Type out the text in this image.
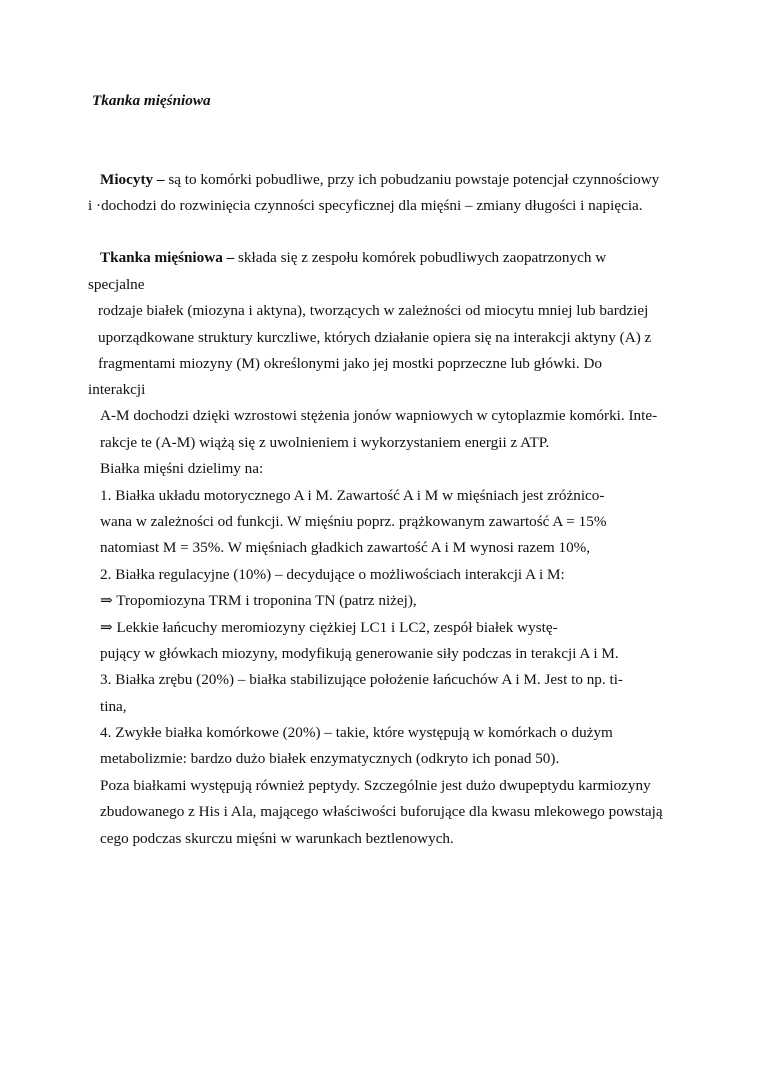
Tkanka mięśniowa
Miocyty – są to komórki pobudliwe, przy ich pobudzaniu powstaje potencjał czynnościowy
i ·dochodzi do rozwinięcia czynności specyficznej dla mięśni – zmiany długości i napięcia.
Tkanka mięśniowa – składa się z zespołu komórek pobudliwych zaopatrzonych w
specjalne
rodzaje białek (miozyna i aktyna), tworzących w zależności od miocytu mniej lub bardziej
uporządkowane struktury kurczliwe, których działanie opiera się na interakcji aktyny (A) z
fragmentami miozyny (M) określonymi jako jej mostki poprzeczne lub główki. Do
interakcji
A-M dochodzi dzięki wzrostowi stężenia jonów wapniowych w cytoplazmie komórki. Inte-
rakcje te (A-M) wiążą się z uwolnieniem i wykorzystaniem energii z ATP.
Białka mięśni dzielimy na:
1. Białka układu motorycznego A i M. Zawartość A i M w mięśniach jest zróżnico-
wana w zależności od funkcji. W mięśniu poprz. prążkowanym zawartość A = 15%
natomiast M = 35%. W mięśniach gładkich zawartość A i M wynosi razem 10%,
2. Białka regulacyjne (10%) – decydujące o możliwościach interakcji A i M:
⇒ Tropomiozyna TRM i troponina TN (patrz niżej),
⇒ Lekkie łańcuchy meromiozyny ciężkiej LC1 i LC2, zespół białek wystę-
pujący w główkach miozyny, modyfikują generowanie siły podczas in terakcji A i M.
3. Białka zrębu (20%) – białka stabilizujące położenie łańcuchów A i M. Jest to np. ti-
tina,
4. Zwykłe białka komórkowe (20%) – takie, które występują w komórkach o dużym
metabolizmie: bardzo dużo białek enzymatycznych (odkryto ich ponad 50).
Poza białkami występują również peptydy. Szczególnie jest dużo dwupeptydu karmiozyny
zbudowanego z His i Ala, mającego właściwości buforujące dla kwasu mlekowego powstają
cego podczas skurczu mięśni w warunkach beztlenowych.
